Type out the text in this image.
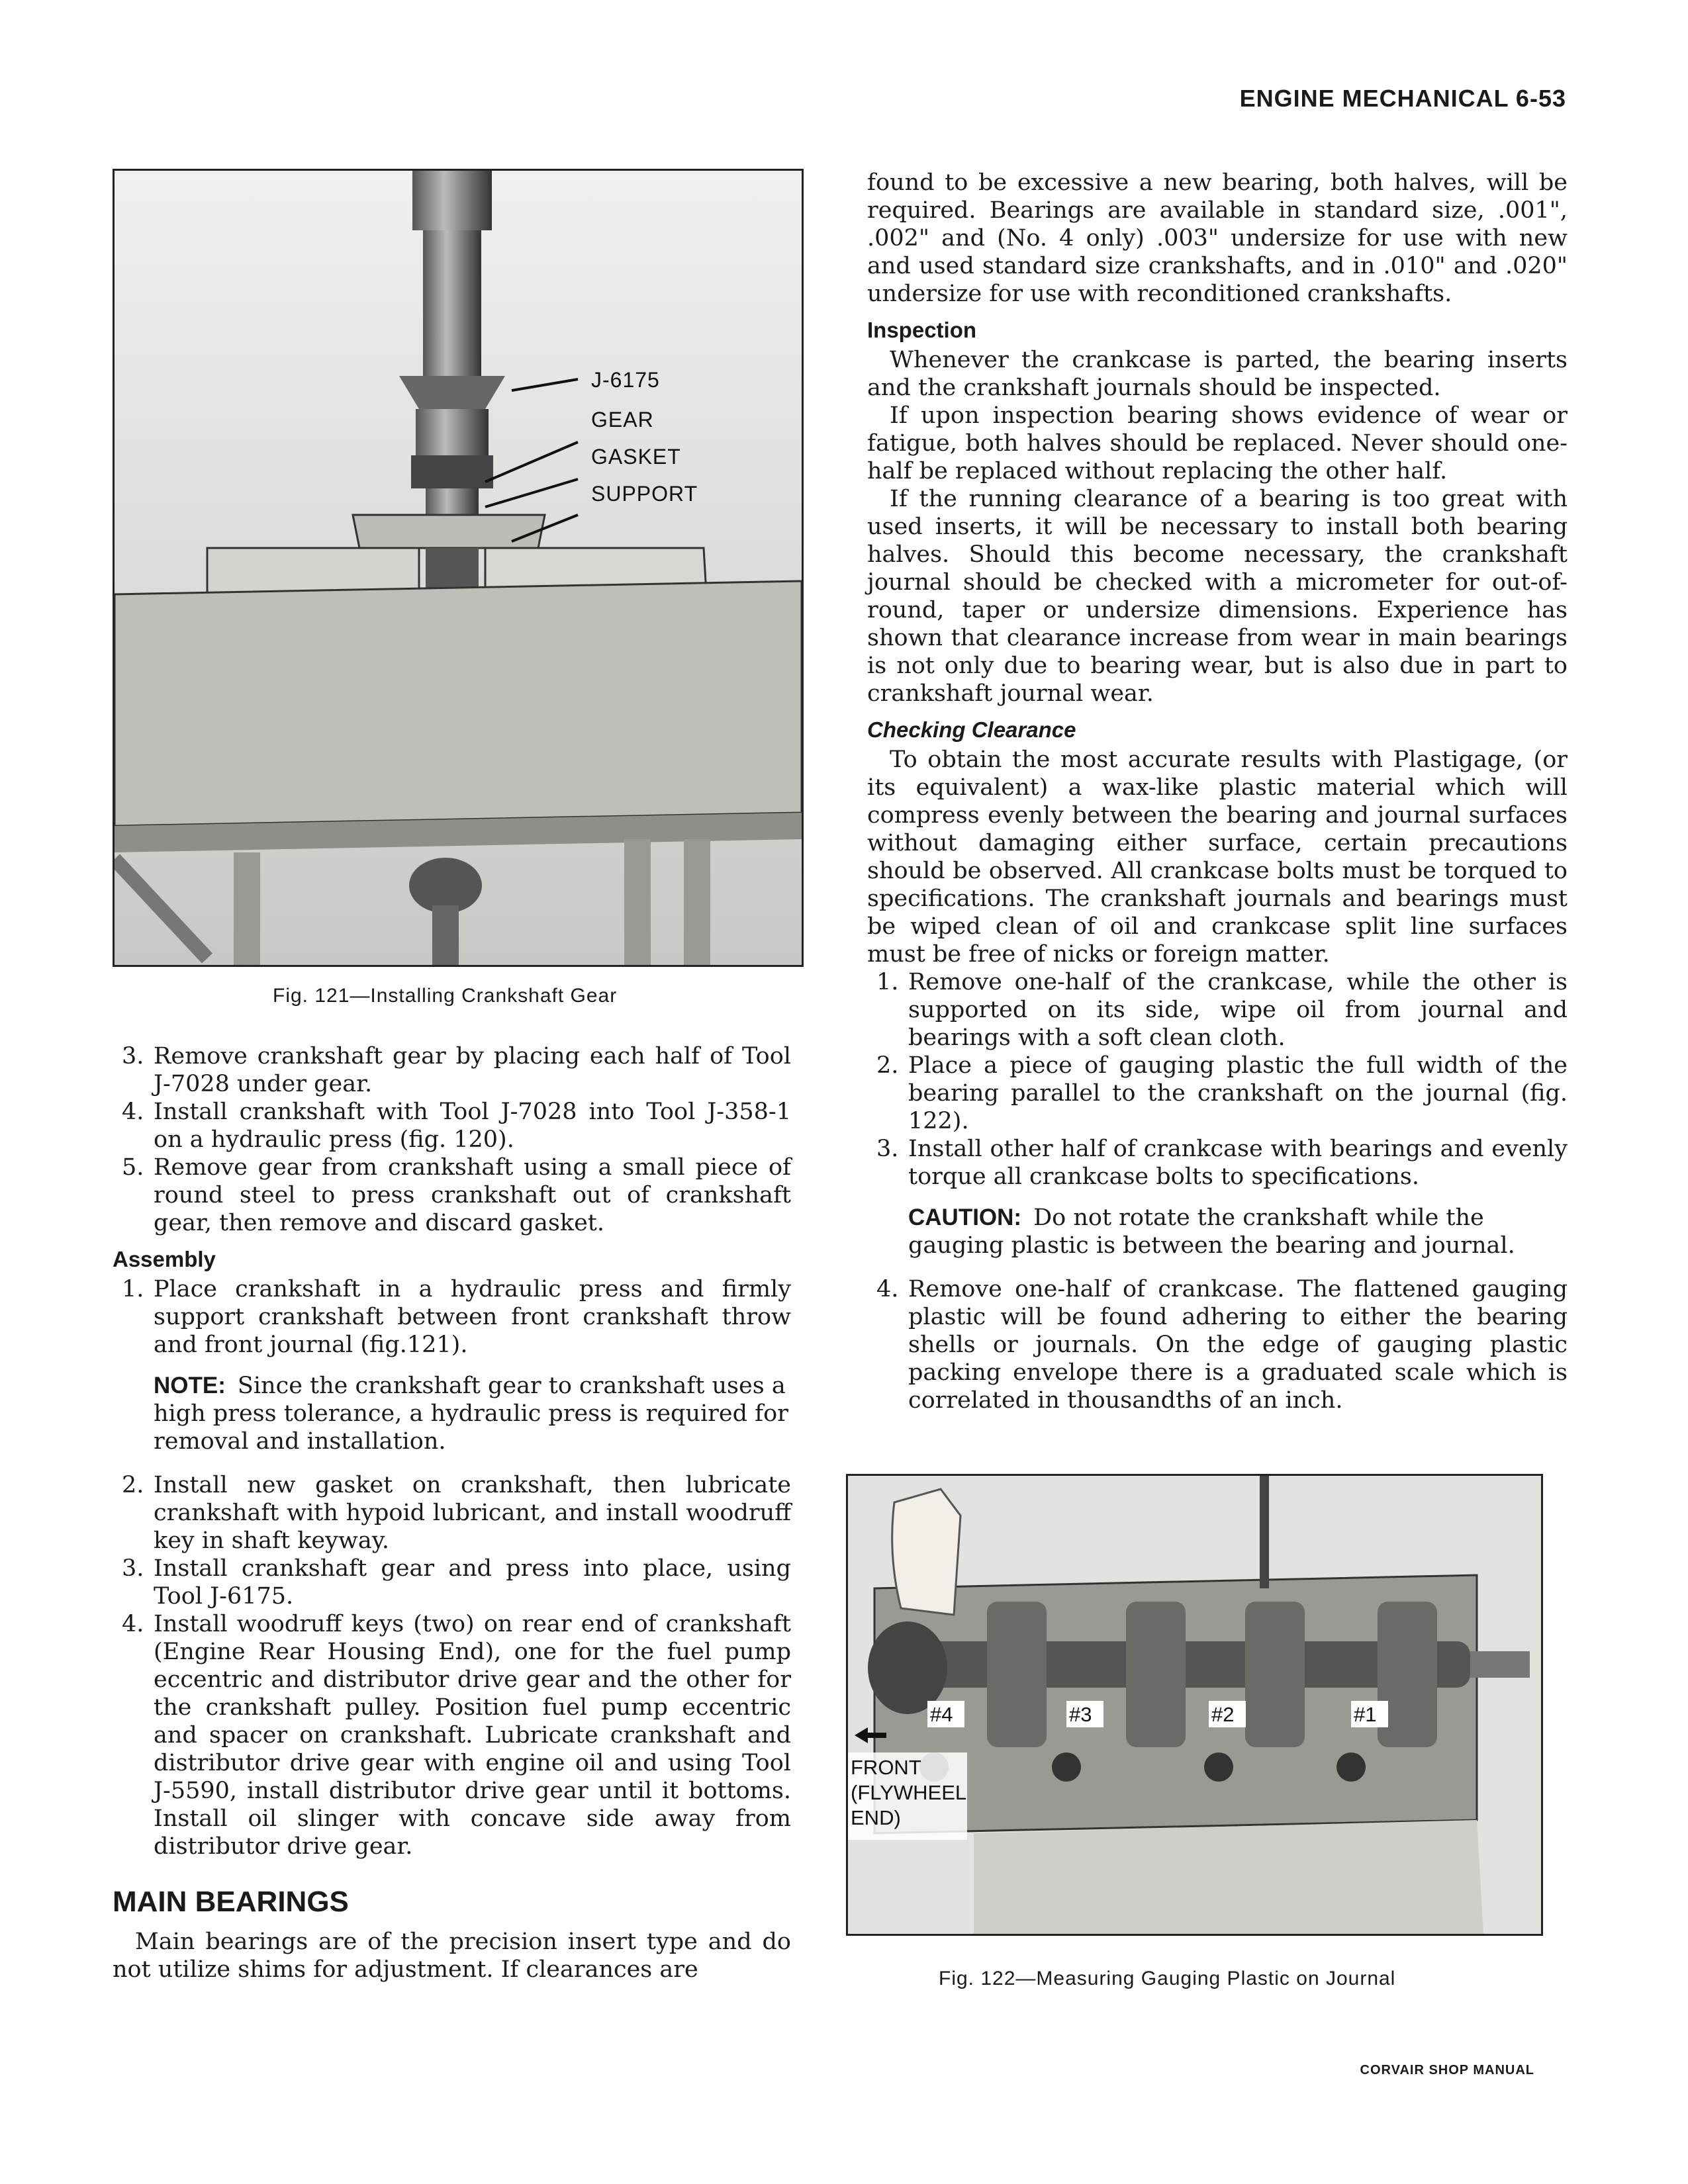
ENGINE MECHANICAL 6-53
CORVAIR SHOP MANUAL
J-6175
GEAR
GASKET
SUPPORT
Fig. 121—Installing Crankshaft Gear
3. Remove crankshaft gear by placing each half of Tool J-7028 under gear.
4. Install crankshaft with Tool J-7028 into Tool J-358-1 on a hydraulic press (fig. 120).
5. Remove gear from crankshaft using a small piece of round steel to press crankshaft out of crankshaft gear, then remove and discard gasket.
Assembly
1. Place crankshaft in a hydraulic press and firmly support crankshaft between front crankshaft throw and front journal (fig.121).
NOTE: Since the crankshaft gear to crankshaft uses a high press tolerance, a hydraulic press is required for removal and installation.
2. Install new gasket on crankshaft, then lubricate crankshaft with hypoid lubricant, and install woodruff key in shaft keyway.
3. Install crankshaft gear and press into place, using Tool J-6175.
4. Install woodruff keys (two) on rear end of crankshaft (Engine Rear Housing End), one for the fuel pump eccentric and distributor drive gear and the other for the crankshaft pulley. Position fuel pump eccentric and spacer on crankshaft. Lubricate crankshaft and distributor drive gear with engine oil and using Tool J-5590, install distributor drive gear until it bottoms. Install oil slinger with concave side away from distributor drive gear.
MAIN BEARINGS

Main bearings are of the precision insert type and do not utilize shims for adjustment. If clearances are

found to be excessive a new bearing, both halves, will be required. Bearings are available in standard size, .001", .002" and (No. 4 only) .003" undersize for use with new and used standard size crankshafts, and in .010" and .020" undersize for use with reconditioned crankshafts.

Inspection

Whenever the crankcase is parted, the bearing inserts and the crankshaft journals should be inspected.

If upon inspection bearing shows evidence of wear or fatigue, both halves should be replaced. Never should one-half be replaced without replacing the other half.

If the running clearance of a bearing is too great with used inserts, it will be necessary to install both bearing halves. Should this become necessary, the crankshaft journal should be checked with a micrometer for out-of-round, taper or undersize dimensions. Experience has shown that clearance increase from wear in main bearings is not only due to bearing wear, but is also due in part to crankshaft journal wear.

Checking Clearance

To obtain the most accurate results with Plastigage, (or its equivalent) a wax-like plastic material which will compress evenly between the bearing and journal surfaces without damaging either surface, certain precautions should be observed. All crankcase bolts must be torqued to specifications. The crankshaft journals and bearings must be wiped clean of oil and crankcase split line surfaces must be free of nicks or foreign matter.

1. Remove one-half of the crankcase, while the other is supported on its side, wipe oil from journal and bearings with a soft clean cloth.
2. Place a piece of gauging plastic the full width of the bearing parallel to the crankshaft on the journal (fig. 122).
3. Install other half of crankcase with bearings and evenly torque all crankcase bolts to specifications.
CAUTION: Do not rotate the crankshaft while the gauging plastic is between the bearing and journal.
4. Remove one-half of crankcase. The flattened gauging plastic will be found adhering to either the bearing shells or journals. On the edge of gauging plastic packing envelope there is a graduated scale which is correlated in thousandths of an inch.
#4	#3	#2	#1
FRONT
(FLYWHEEL
END)
Fig. 122—Measuring Gauging Plastic on Journal
